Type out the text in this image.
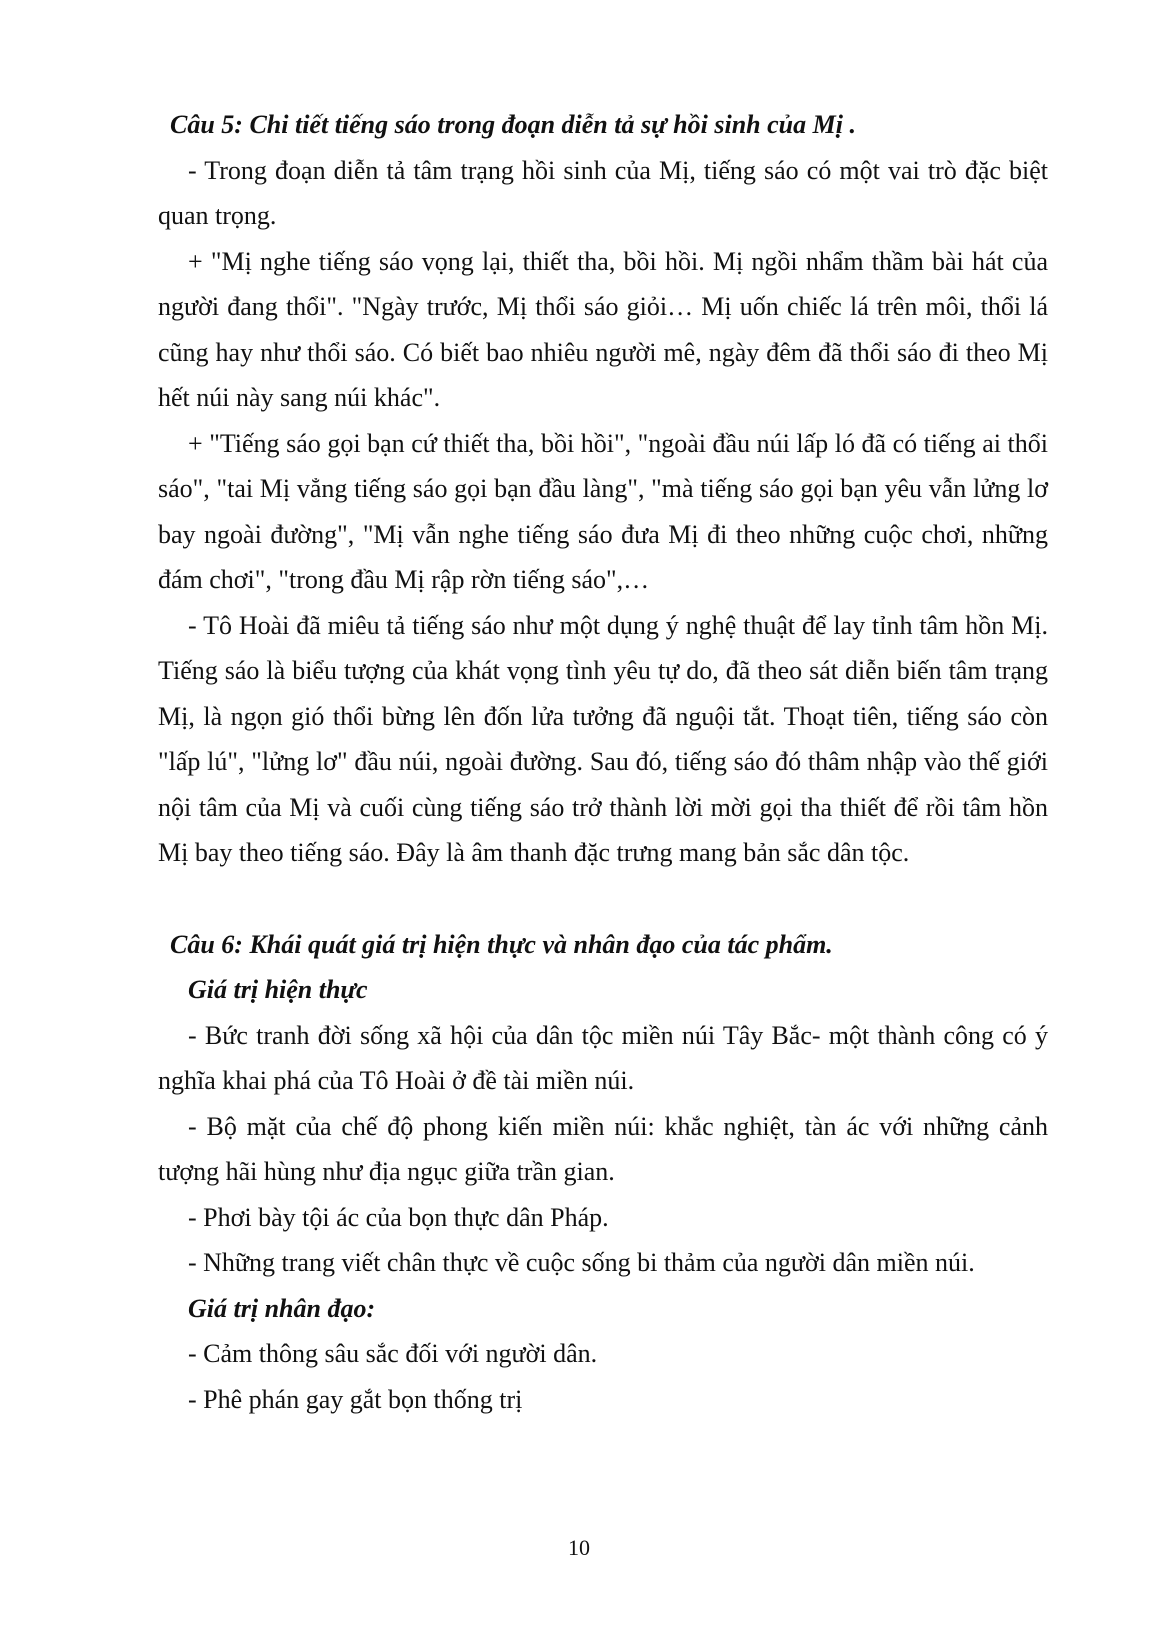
Câu 5: Chi tiết tiếng sáo trong đoạn diễn tả sự hồi sinh của Mị .

- Trong đoạn diễn tả tâm trạng hồi sinh của Mị, tiếng sáo có một vai trò đặc biệt quan trọng.

+ "Mị nghe tiếng sáo vọng lại, thiết tha, bồi hồi. Mị ngồi nhẩm thầm bài hát của người đang thổi". "Ngày trước, Mị thổi sáo giỏi… Mị uốn chiếc lá trên môi, thổi lá cũng hay như thổi sáo. Có biết bao nhiêu người mê, ngày đêm đã thổi sáo đi theo Mị hết núi này sang núi khác".

+ "Tiếng sáo gọi bạn cứ thiết tha, bồi hồi", "ngoài đầu núi lấp ló đã có tiếng ai thổi sáo", "tai Mị vẳng tiếng sáo gọi bạn đầu làng", "mà tiếng sáo gọi bạn yêu vẫn lửng lơ bay ngoài đường", "Mị vẫn nghe tiếng sáo đưa Mị đi theo những cuộc chơi, những đám chơi", "trong đầu Mị rập rờn tiếng sáo",…

- Tô Hoài đã miêu tả tiếng sáo như một dụng ý nghệ thuật để lay tỉnh tâm hồn Mị. Tiếng sáo là biểu tượng của khát vọng tình yêu tự do, đã theo sát diễn biến tâm trạng Mị, là ngọn gió thổi bừng lên đốn lửa tưởng đã nguội tắt. Thoạt tiên, tiếng sáo còn "lấp lú", "lửng lơ" đầu núi, ngoài đường. Sau đó, tiếng sáo đó thâm nhập vào thế giới nội tâm của Mị và cuối cùng tiếng sáo trở thành lời mời gọi tha thiết để rồi tâm hồn Mị bay theo tiếng sáo. Đây là âm thanh đặc trưng mang bản sắc dân tộc.

Câu 6: Khái quát giá trị hiện thực và nhân đạo của tác phẩm.

Giá trị hiện thực

- Bức tranh đời sống xã hội của dân tộc miền núi Tây Bắc- một thành công có ý nghĩa khai phá của Tô Hoài ở đề tài miền núi.

- Bộ mặt của chế độ phong kiến miền núi: khắc nghiệt, tàn ác với những cảnh tượng hãi hùng như địa ngục giữa trần gian.

- Phơi bày tội ác của bọn thực dân Pháp.

- Những trang viết chân thực về cuộc sống bi thảm của người dân miền núi.

Giá trị nhân đạo:

- Cảm thông sâu sắc đối với người dân.

- Phê phán gay gắt bọn thống trị

10
